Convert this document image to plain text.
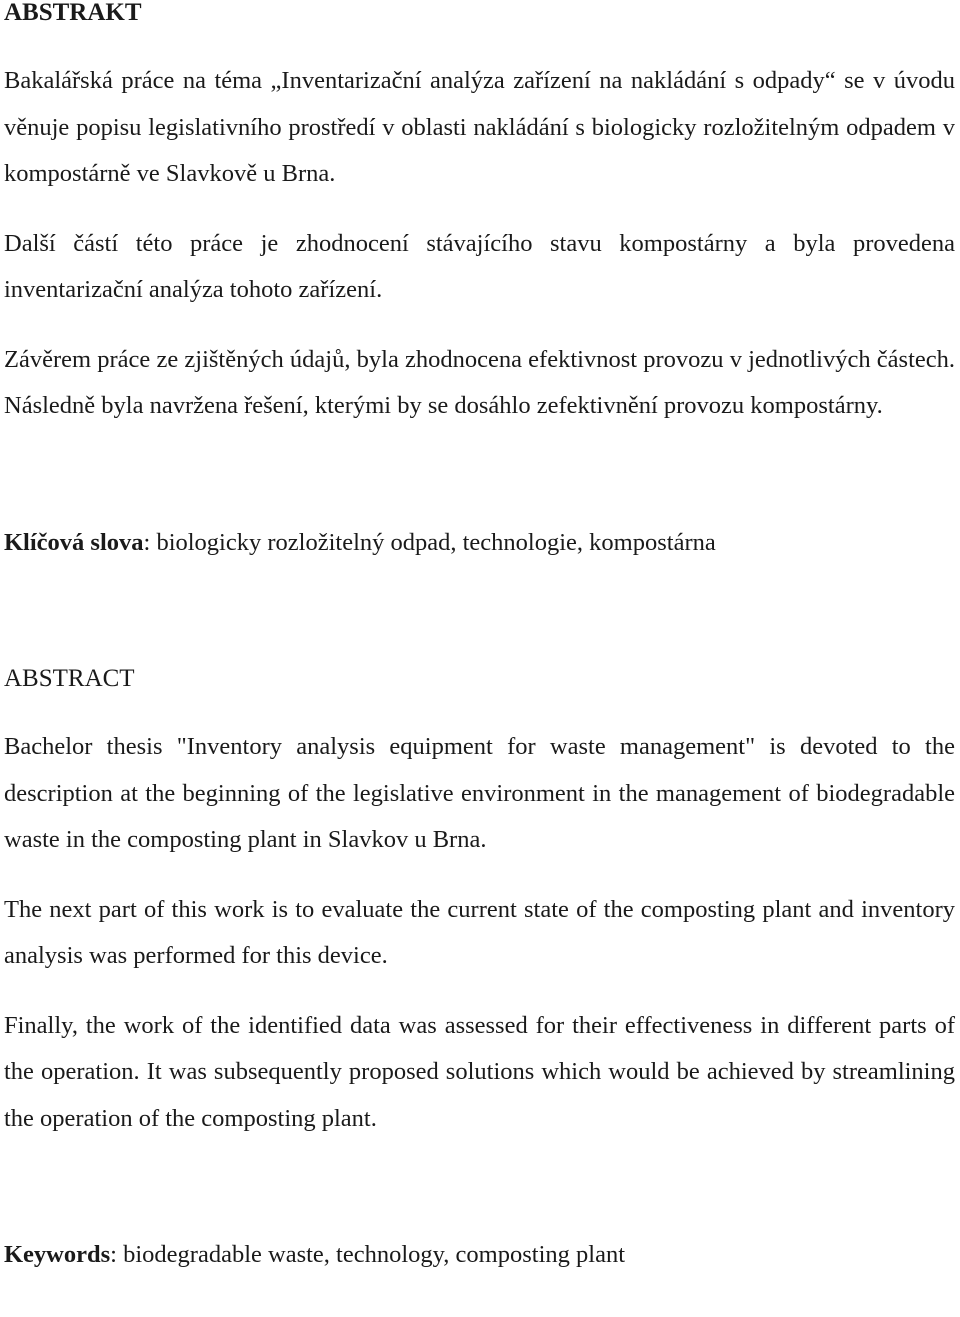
ABSTRAKT

Bakalářská práce na téma „Inventarizační analýza zařízení na nakládání s odpady“ se v úvodu věnuje popisu legislativního prostředí v oblasti nakládání s biologicky rozložitelným odpadem v kompostárně ve Slavkově u Brna.

Další částí této práce je zhodnocení stávajícího stavu kompostárny a byla provedena inventarizační analýza tohoto zařízení.

Závěrem práce ze zjištěných údajů, byla zhodnocena efektivnost provozu v jednotlivých částech. Následně byla navržena řešení, kterými by se dosáhlo zefektivnění provozu kompostárny.

Klíčová slova: biologicky rozložitelný odpad, technologie, kompostárna

ABSTRACT

Bachelor thesis "Inventory analysis equipment for waste management" is devoted to the description at the beginning of the legislative environment in the management of biodegradable waste in the composting plant in Slavkov u Brna.

The next part of this work is to evaluate the current state of the composting plant and inventory analysis was performed for this device.

Finally, the work of the identified data was assessed for their effectiveness in different parts of the operation. It was subsequently proposed solutions which would be achieved by streamlining the operation of the composting plant.

Keywords: biodegradable waste, technology, composting plant
